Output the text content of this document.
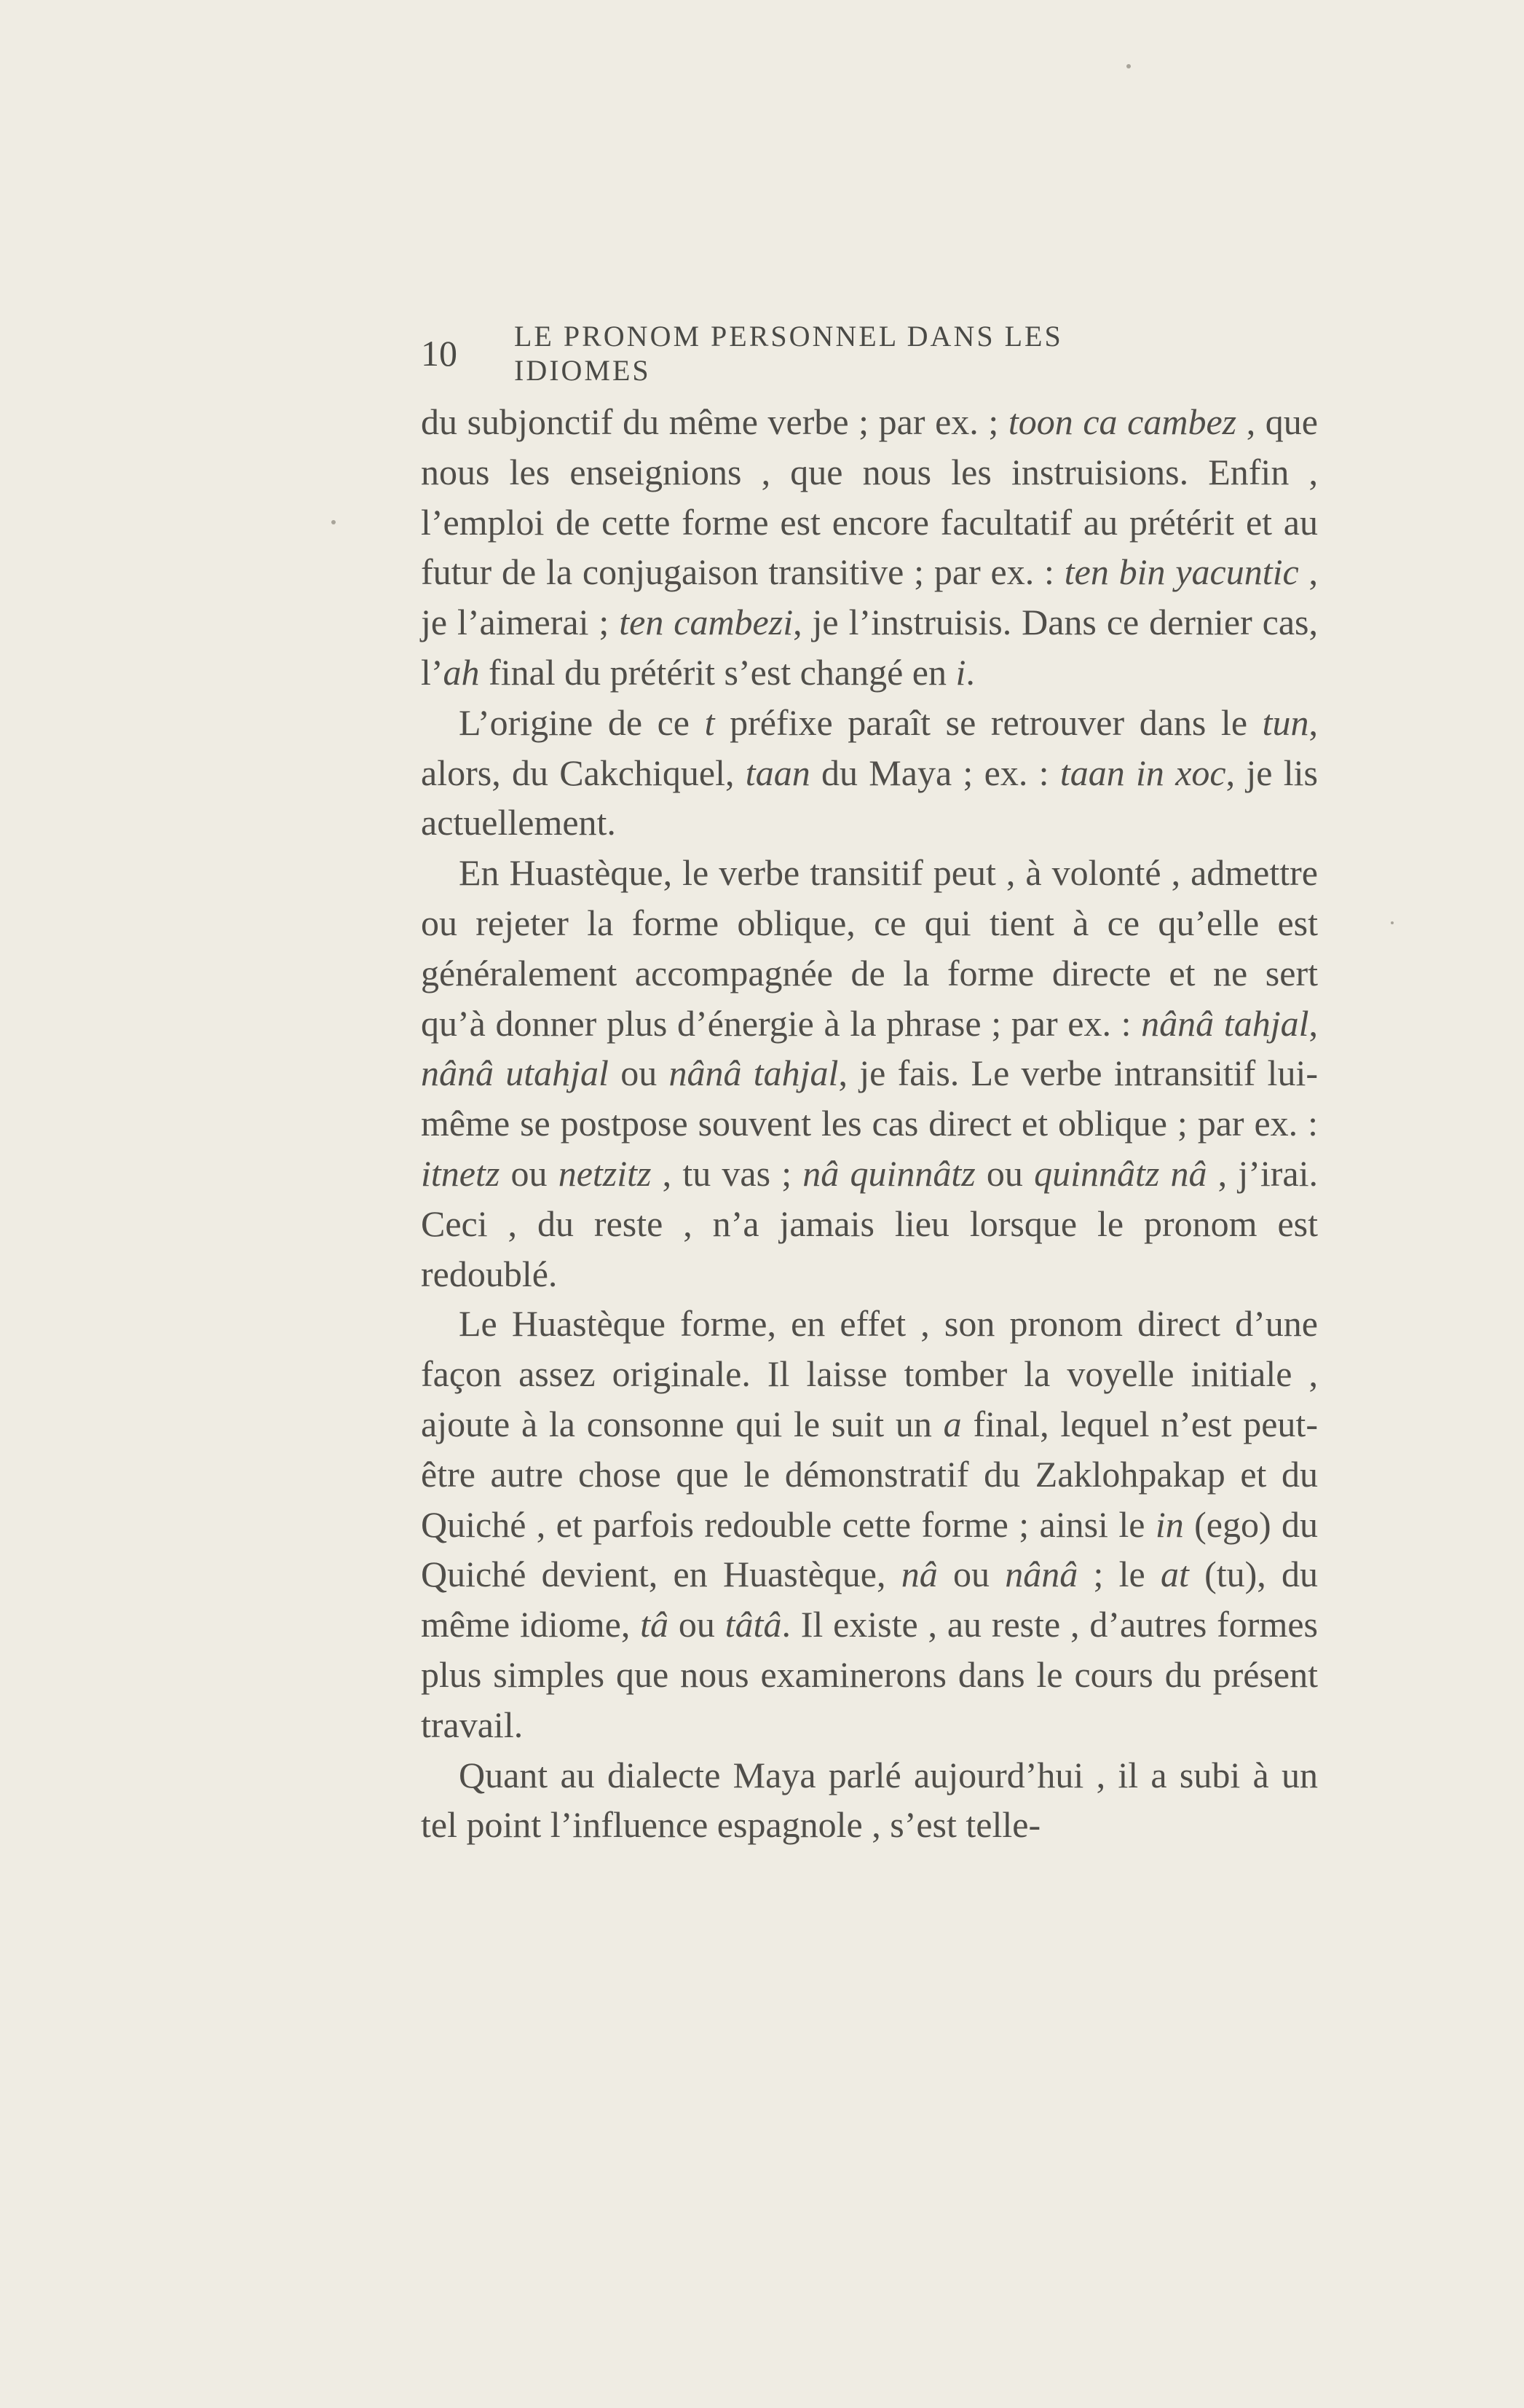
10 LE PRONOM PERSONNEL DANS LES IDIOMES

du subjonctif du même verbe ; par ex. ; toon ca cambez , que nous les enseignions , que nous les instruisions. Enfin , l’emploi de cette forme est encore facultatif au prétérit et au futur de la conjugaison transitive ; par ex. : ten bin yacuntic , je l’aimerai ; ten cambezi, je l’instruisis. Dans ce dernier cas, l’ah final du prétérit s’est changé en i.

L’origine de ce t préfixe paraît se retrouver dans le tun, alors, du Cakchiquel, taan du Maya ; ex. : taan in xoc, je lis actuellement.

En Huastèque, le verbe transitif peut , à volonté , admettre ou rejeter la forme oblique, ce qui tient à ce qu’elle est généralement accompagnée de la forme directe et ne sert qu’à donner plus d’énergie à la phrase ; par ex. : nânâ tahjal, nânâ utahjal ou nânâ tahjal, je fais. Le verbe intransitif lui-même se postpose souvent les cas direct et oblique ; par ex. : itnetz ou netzitz , tu vas ; nâ quinnâtz ou quinnâtz nâ , j’irai. Ceci , du reste , n’a jamais lieu lorsque le pronom est redoublé.

Le Huastèque forme, en effet , son pronom direct d’une façon assez originale. Il laisse tomber la voyelle initiale , ajoute à la consonne qui le suit un a final, lequel n’est peut-être autre chose que le démonstratif du Zaklohpakap et du Quiché , et parfois redouble cette forme ; ainsi le in (ego) du Quiché devient, en Huastèque, nâ ou nânâ ; le at (tu), du même idiome, tâ ou tâtâ. Il existe , au reste , d’autres formes plus simples que nous examinerons dans le cours du présent travail.

Quant au dialecte Maya parlé aujourd’hui , il a subi à un tel point l’influence espagnole , s’est telle-
